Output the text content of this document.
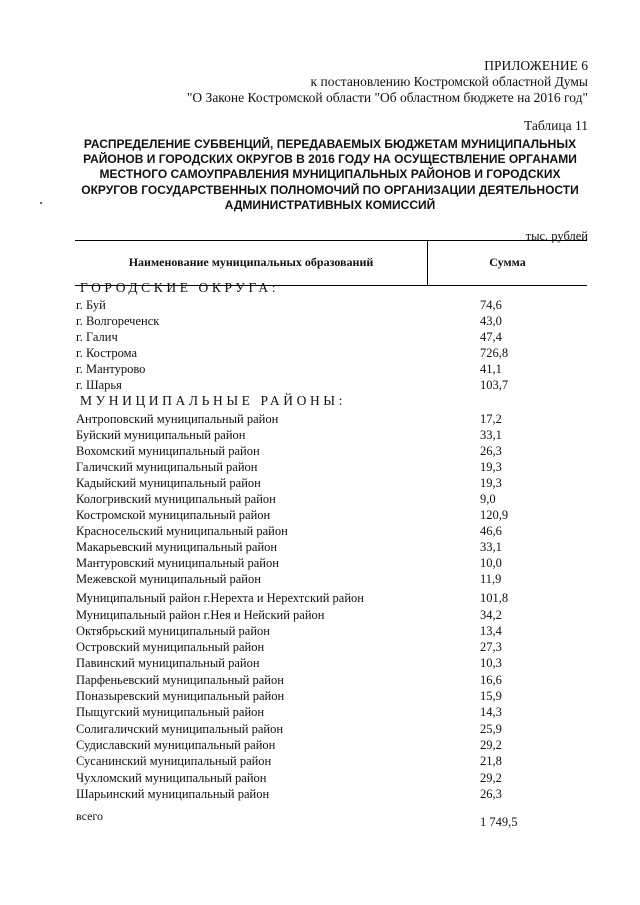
ПРИЛОЖЕНИЕ 6
к постановлению Костромской областной Думы
"О Законе Костромской области "Об областном бюджете на 2016 год"
Таблица 11
РАСПРЕДЕЛЕНИЕ СУБВЕНЦИЙ, ПЕРЕДАВАЕМЫХ БЮДЖЕТАМ МУНИЦИПАЛЬНЫХ
РАЙОНОВ И ГОРОДСКИХ ОКРУГОВ В 2016 ГОДУ НА ОСУЩЕСТВЛЕНИЕ ОРГАНАМИ
МЕСТНОГО САМОУПРАВЛЕНИЯ МУНИЦИПАЛЬНЫХ РАЙОНОВ И ГОРОДСКИХ
ОКРУГОВ ГОСУДАРСТВЕННЫХ ПОЛНОМОЧИЙ ПО ОРГАНИЗАЦИИ ДЕЯТЕЛЬНОСТИ
АДМИНИСТРАТИВНЫХ КОМИССИЙ
тыс. рублей
Наименование муниципальных образований	Сумма
ГОРОДСКИЕ ОКРУГА:
г. Буй	74,6
г. Волгореченск	43,0
г. Галич	47,4
г. Кострома	726,8
г. Мантурово	41,1
г. Шарья	103,7
МУНИЦИПАЛЬНЫЕ РАЙОНЫ:
Антроповский муниципальный район	17,2
Буйский муниципальный район	33,1
Вохомский муниципальный район	26,3
Галичский муниципальный район	19,3
Кадыйский муниципальный район	19,3
Кологривский муниципальный район	9,0
Костромской муниципальный район	120,9
Красносельский муниципальный район	46,6
Макарьевский муниципальный район	33,1
Мантуровский муниципальный район	10,0
Межевской муниципальный район	11,9
Муниципальный район г.Нерехта и Нерехтский район	101,8
Муниципальный район г.Нея и Нейский район	34,2
Октябрьский муниципальный район	13,4
Островский муниципальный район	27,3
Павинский муниципальный район	10,3
Парфеньевский муниципальный район	16,6
Поназыревский муниципальный район	15,9
Пыщугский муниципальный район	14,3
Солигаличский муниципальный район	25,9
Судиславский муниципальный район	29,2
Сусанинский муниципальный район	21,8
Чухломский муниципальный район	29,2
Шарьинский муниципальный район	26,3
всего	1 749,5
